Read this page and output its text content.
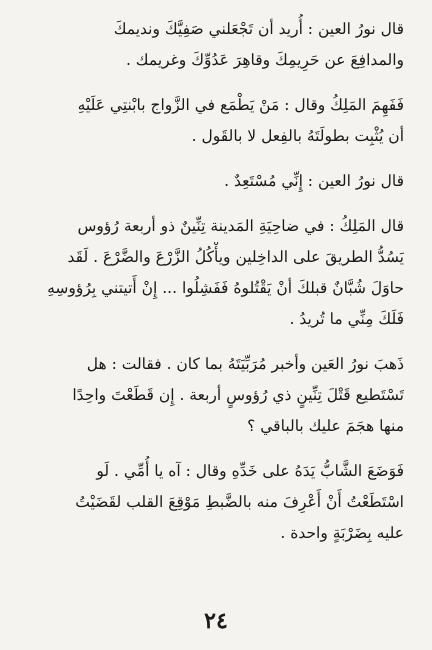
قال نورُ العين : أُريد أن تَجْعَلني صَفِيَّكَ ونديمكَ
والمدافِعَ عن حَرِيمِكَ وقاهِرَ عَدُوِّكَ وغريمك .

فَفَهِمَ المَلِكُ وقال : مَنْ يَطْمَع في الزَّواج بابْنتِي عَلَيْهِ
أن يُثْبِت بطولَتَهُ بالفِعل لا بالقَول .

قال نورُ العين : إِنِّي مُسْتَعِدٌ .

قال المَلِكُ : في ضاحِيَةِ المَدينة تِنِّينٌ ذو أربعة رُؤوس
يَسُدُّ الطريقَ على الداخِلين ويأْكُلُ الزَّرْعَ والضَّرْعَ . لَقَد
حاوَلَ شُبَّانٌ قبلكَ أنْ يَقْتُلوهُ فَفَشِلُوا ... إِنْ أَتيتني بِرُؤوسِهِ
فَلَكَ مِنِّي ما تُريدُ .

ذَهبَ نورُ العَين وأخبر مُرَبِّيَتَهُ بما كان . فقالت : هل
تَسْتَطيع قَتْلَ تِنِّينٍ ذي رُؤوسٍ أربعة . إِن قَطَعْتَ واحِدًا
منها هجَمَ عليك بالباقي ؟

فَوَضَعَ الشَّابُّ يَدَهُ على خَدِّهِ وقال : آه يا أُمِّي . لَو
اسْتَطَعْتُ أَنْ أَعْرِفَ منه بالضَّبطِ مَوْقِعَ القلب لقَضَيْتُ
عليه بِضَرْبَةٍ واحدة .

٢٤
